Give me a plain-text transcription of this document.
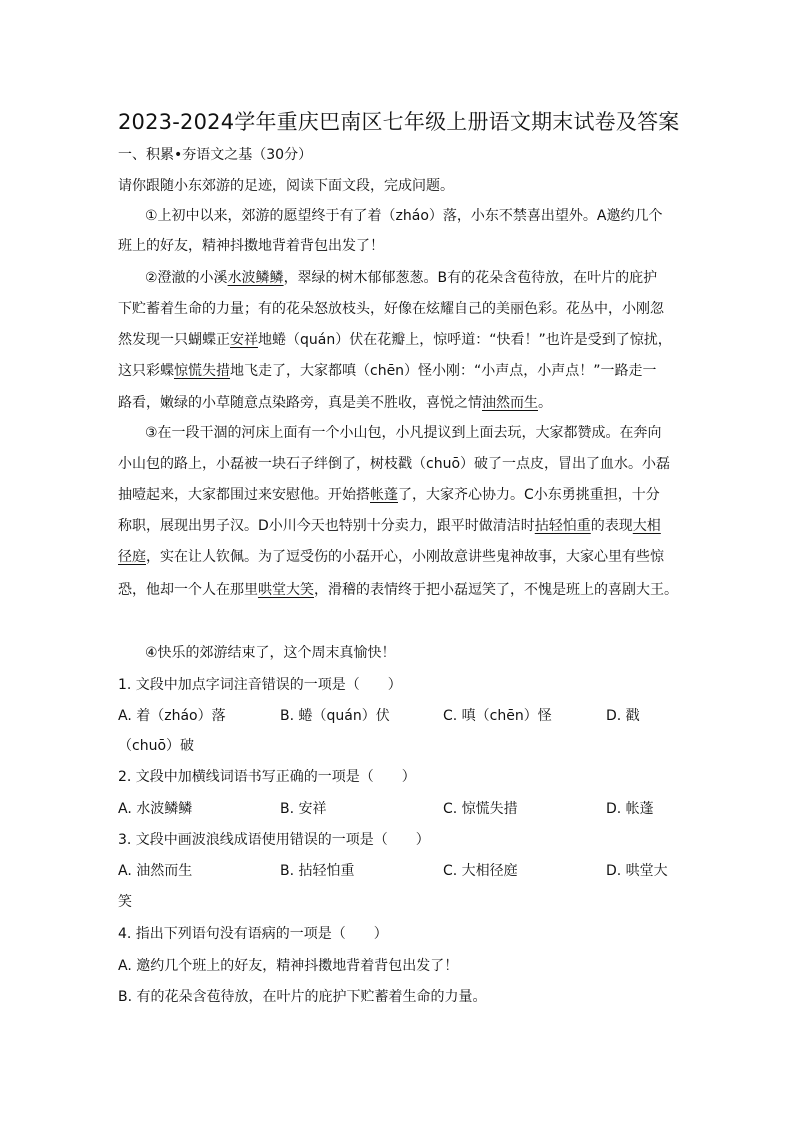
2023-2024学年重庆巴南区七年级上册语文期末试卷及答案
一、积累•夯语文之基（30分）
请你跟随小东郊游的足迹，阅读下面文段，完成问题。
①上初中以来，郊游的愿望终于有了着（zháo）落，小东不禁喜出望外。A邀约几个
班上的好友，精神抖擞地背着背包出发了！
②澄澈的小溪水波鳞鳞，翠绿的树木郁郁葱葱。B有的花朵含苞待放，在叶片的庇护
下贮蓄着生命的力量；有的花朵怒放枝头，好像在炫耀自己的美丽色彩。花丛中，小刚忽
然发现一只蝴蝶正安祥地蜷（quán）伏在花瓣上，惊呼道：“快看！”也许是受到了惊扰，
这只彩蝶惊慌失措地飞走了，大家都嗔（chēn）怪小刚：“小声点，小声点！”一路走一
路看，嫩绿的小草随意点染路旁，真是美不胜收，喜悦之情油然而生。
③在一段干涸的河床上面有一个小山包，小凡提议到上面去玩，大家都赞成。在奔向
小山包的路上，小磊被一块石子绊倒了，树枝戳（chuō）破了一点皮，冒出了血水。小磊
抽噎起来，大家都围过来安慰他。开始搭帐蓬了，大家齐心协力。C小东勇挑重担，十分
称职，展现出男子汉。D小川今天也特别十分卖力，跟平时做清洁时拈轻怕重的表现大相
径庭，实在让人钦佩。为了逗受伤的小磊开心，小刚故意讲些鬼神故事，大家心里有些惊
恐，他却一个人在那里哄堂大笑，滑稽的表情终于把小磊逗笑了，不愧是班上的喜剧大王。
④快乐的郊游结束了，这个周末真愉快！
1. 文段中加点字词注音错误的一项是（　　）
A. 着（zháo）落	B. 蜷（quán）伏	C. 嗔（chēn）怪	D. 戳
（chuō）破
2. 文段中加横线词语书写正确的一项是（　　）
A. 水波鳞鳞	B. 安祥	C. 惊慌失措	D. 帐蓬
3. 文段中画波浪线成语使用错误的一项是（　　）
A. 油然而生	B. 拈轻怕重	C. 大相径庭	D. 哄堂大
笑
4. 指出下列语句没有语病的一项是（　　）
A. 邀约几个班上的好友，精神抖擞地背着背包出发了！
B. 有的花朵含苞待放，在叶片的庇护下贮蓄着生命的力量。
